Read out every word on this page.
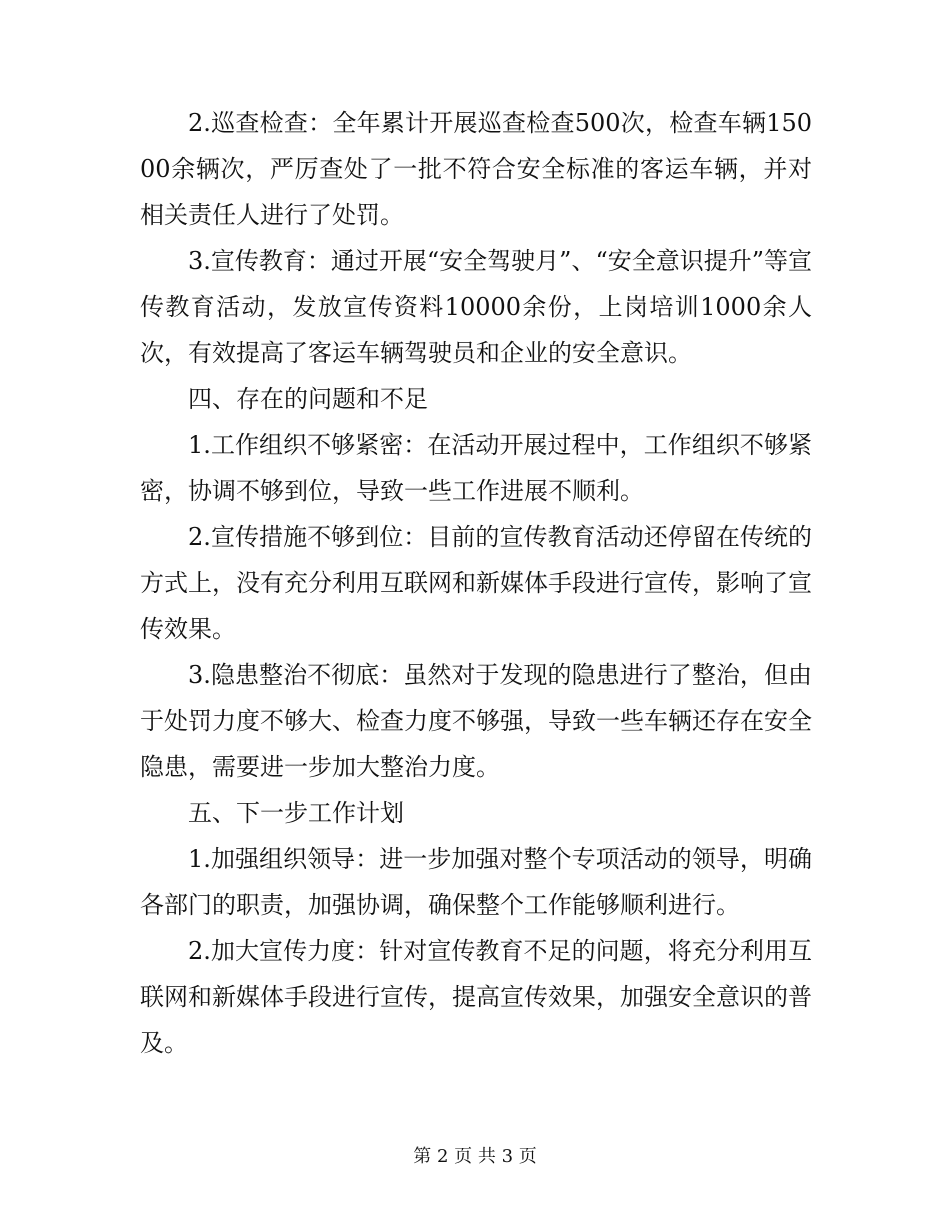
2.巡查检查：全年累计开展巡查检查500次，检查车辆15000余辆次，严厉查处了一批不符合安全标准的客运车辆，并对相关责任人进行了处罚。

3.宣传教育：通过开展“安全驾驶月”、“安全意识提升”等宣传教育活动，发放宣传资料10000余份，上岗培训1000余人次，有效提高了客运车辆驾驶员和企业的安全意识。

四、存在的问题和不足

1.工作组织不够紧密：在活动开展过程中，工作组织不够紧密，协调不够到位，导致一些工作进展不顺利。

2.宣传措施不够到位：目前的宣传教育活动还停留在传统的方式上，没有充分利用互联网和新媒体手段进行宣传，影响了宣传效果。

3.隐患整治不彻底：虽然对于发现的隐患进行了整治，但由于处罚力度不够大、检查力度不够强，导致一些车辆还存在安全隐患，需要进一步加大整治力度。

五、下一步工作计划

1.加强组织领导：进一步加强对整个专项活动的领导，明确各部门的职责，加强协调，确保整个工作能够顺利进行。

2.加大宣传力度：针对宣传教育不足的问题，将充分利用互联网和新媒体手段进行宣传，提高宣传效果，加强安全意识的普及。

第 2 页 共 3 页
